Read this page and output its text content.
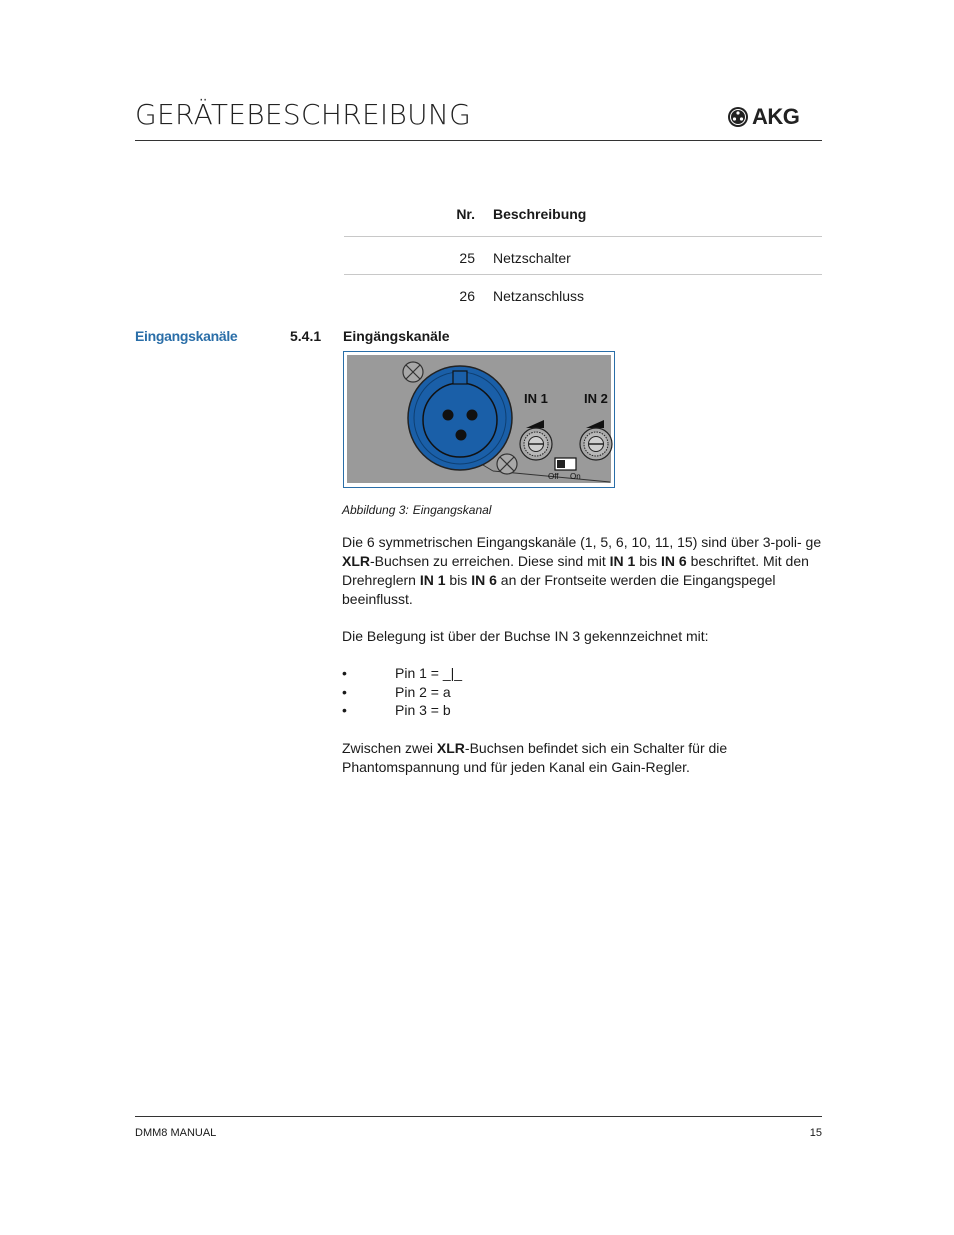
GERÄTEBESCHREIBUNG	AKG
Nr. Beschreibung
25 Netzschalter
26 Netzanschluss
Eingangskanäle	5.4.1 Eingängskanäle
IN 1	IN 2
Off On
Abbildung 3: Eingangskanal
Die 6 symmetrischen Eingangskanäle (1, 5, 6, 10, 11, 15) sind über 3-poli- ge XLR-Buchsen zu erreichen. Diese sind mit IN 1 bis IN 6 beschriftet. Mit den Drehreglern IN 1 bis IN 6 an der Frontseite werden die Eingangspegel beeinflusst.
Die Belegung ist über der Buchse IN 3 gekennzeichnet mit:
•	Pin 1 = _|_
•	Pin 2 = a
•	Pin 3 = b
Zwischen zwei XLR-Buchsen befindet sich ein Schalter für die Phantomspannung und für jeden Kanal ein Gain-Regler.
DMM8 MANUAL	15
